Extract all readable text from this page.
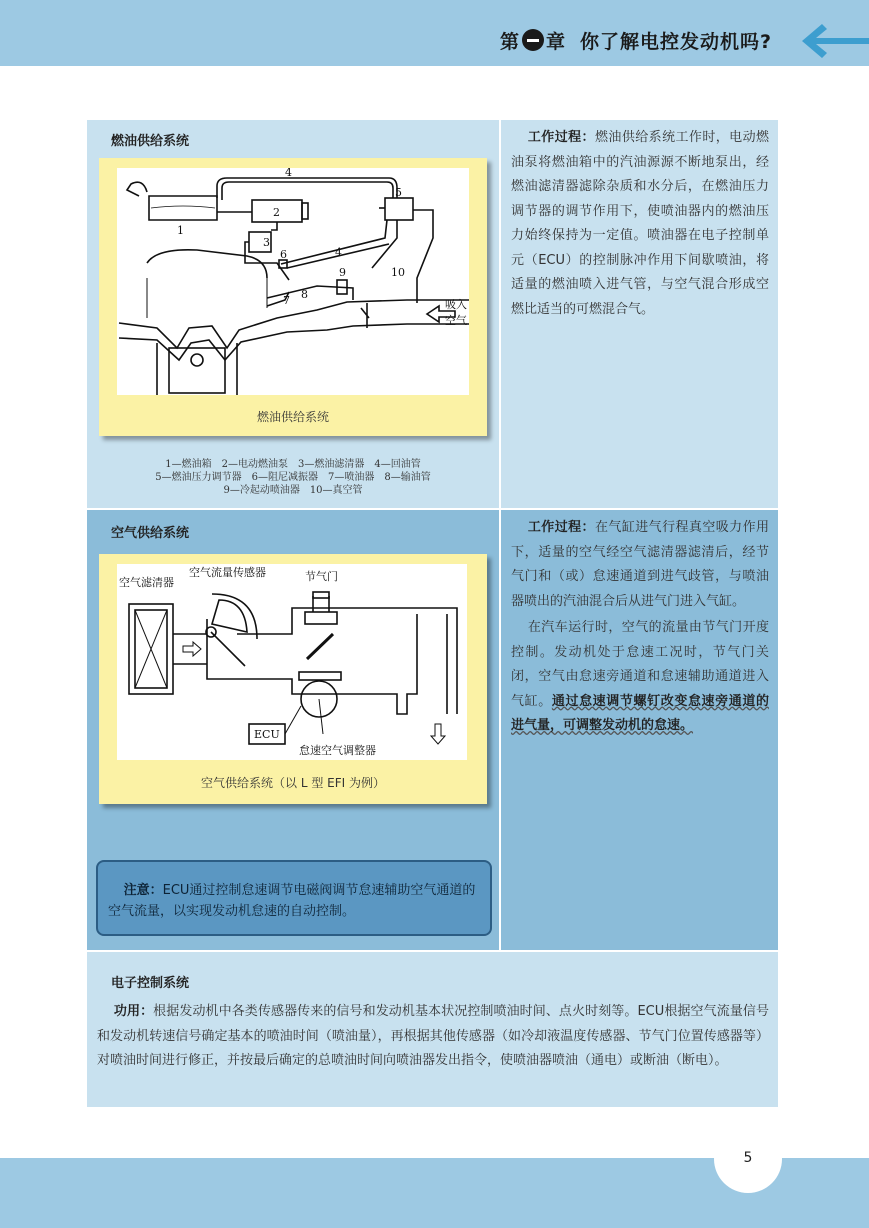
第 章 你了解电控发动机吗?
燃油供给系统
4
5
1
2
3
4
6
7 8
9	10
吸入
空气
燃油供给系统
1—燃油箱　2—电动燃油泵　3—燃油滤清器　4—回油管
5—燃油压力调节器　6—阻尼减振器　7—喷油器　8—输油管
9—冷起动喷油器　10—真空管

工作过程：燃油供给系统工作时，电动燃油泵将燃油箱中的汽油源源不断地泵出，经燃油滤清器滤除杂质和水分后，在燃油压力调节器的调节作用下，使喷油器内的燃油压力始终保持为一定值。喷油器在电子控制单元（ECU）的控制脉冲作用下间歇喷油，将适量的燃油喷入进气管，与空气混合形成空燃比适当的可燃混合气。

空气供给系统
空气滤清器
空气流量传感器	节气门
ECU
怠速空气调整器
空气供给系统（以 L 型 EFI 为例）
注意：ECU通过控制怠速调节电磁阀调节怠速辅助空气通道的空气流量，以实现发动机怠速的自动控制。

工作过程：在气缸进气行程真空吸力作用下，适量的空气经空气滤清器滤清后，经节气门和（或）怠速通道到进气歧管，与喷油器喷出的汽油混合后从进气门进入气缸。

在汽车运行时，空气的流量由节气门开度控制。发动机处于怠速工况时，节气门关闭，空气由怠速旁通道和怠速辅助通道进入气缸。通过怠速调节螺钉改变怠速旁通道的进气量，可调整发动机的怠速。

电子控制系统

功用：根据发动机中各类传感器传来的信号和发动机基本状况控制喷油时间、点火时刻等。ECU根据空气流量信号和发动机转速信号确定基本的喷油时间（喷油量），再根据其他传感器（如冷却液温度传感器、节气门位置传感器等）对喷油时间进行修正，并按最后确定的总喷油时间向喷油器发出指令，使喷油器喷油（通电）或断油（断电）。

5
